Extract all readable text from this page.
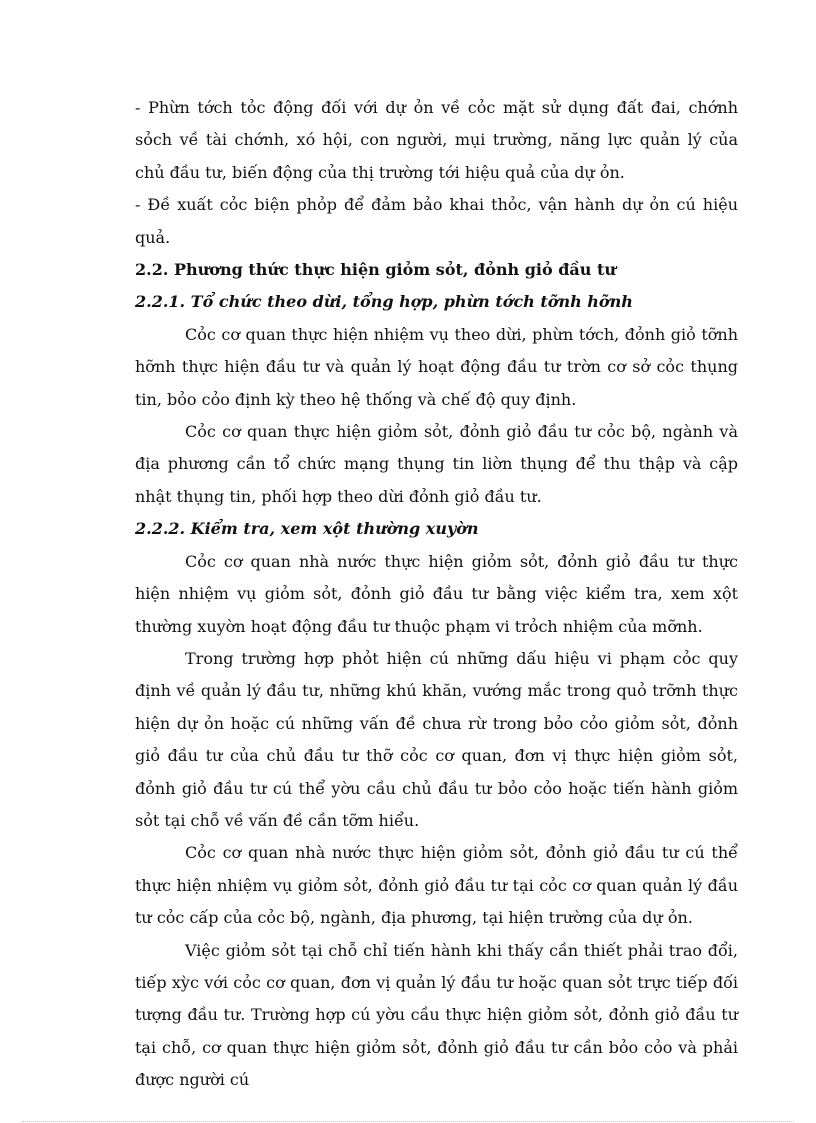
- Phừn tớch tỏc động đối với dự ỏn về cỏc mặt sử dụng đất đai, chớnh sỏch về tài chớnh, xó hội, con người, mụi trường, năng lực quản lý của chủ đầu tư, biến động của thị trường tới hiệu quả của dự ỏn.

- Đề xuất cỏc biện phỏp để đảm bảo khai thỏc, vận hành dự ỏn cú hiệu quả.

2.2. Phương thức thực hiện giỏm sỏt, đỏnh giỏ đầu tư

2.2.1. Tổ chức theo dừi, tổng hợp, phừn tớch tỡnh hỡnh

Cỏc cơ quan thực hiện nhiệm vụ theo dừi, phừn tớch, đỏnh giỏ tỡnh hỡnh thực hiện đầu tư và quản lý hoạt động đầu tư trờn cơ sở cỏc thụng tin, bỏo cỏo định kỳ theo hệ thống và chế độ quy định.

Cỏc cơ quan thực hiện giỏm sỏt, đỏnh giỏ đầu tư cỏc bộ, ngành và địa phương cần tổ chức mạng thụng tin liờn thụng để thu thập và cập nhật thụng tin, phối hợp theo dừi đỏnh giỏ đầu tư.

2.2.2. Kiểm tra, xem xột thường xuyờn

Cỏc cơ quan nhà nước thực hiện giỏm sỏt, đỏnh giỏ đầu tư thực hiện nhiệm vụ giỏm sỏt, đỏnh giỏ đầu tư bằng việc kiểm tra, xem xột thường xuyờn hoạt động đầu tư thuộc phạm vi trỏch nhiệm của mỡnh.

Trong trường hợp phỏt hiện cú những dấu hiệu vi phạm cỏc quy định về quản lý đầu tư, những khú khăn, vướng mắc trong quỏ trỡnh thực hiện dự ỏn hoặc cú những vấn đề chưa rừ trong bỏo cỏo giỏm sỏt, đỏnh giỏ đầu tư của chủ đầu tư thỡ cỏc cơ quan, đơn vị thực hiện giỏm sỏt, đỏnh giỏ đầu tư cú thể yờu cầu chủ đầu tư bỏo cỏo hoặc tiến hành giỏm sỏt tại chỗ về vấn đề cần tỡm hiểu.

Cỏc cơ quan nhà nước thực hiện giỏm sỏt, đỏnh giỏ đầu tư cú thể thực hiện nhiệm vụ giỏm sỏt, đỏnh giỏ đầu tư tại cỏc cơ quan quản lý đầu tư cỏc cấp của cỏc bộ, ngành, địa phương, tại hiện trường của dự ỏn.

Việc giỏm sỏt tại chỗ chỉ tiến hành khi thấy cần thiết phải trao đổi, tiếp xỳc với cỏc cơ quan, đơn vị quản lý đầu tư hoặc quan sỏt trực tiếp đối tượng đầu tư. Trường hợp cú yờu cầu thực hiện giỏm sỏt, đỏnh giỏ đầu tư tại chỗ, cơ quan thực hiện giỏm sỏt, đỏnh giỏ đầu tư cần bỏo cỏo và phải được người cú
